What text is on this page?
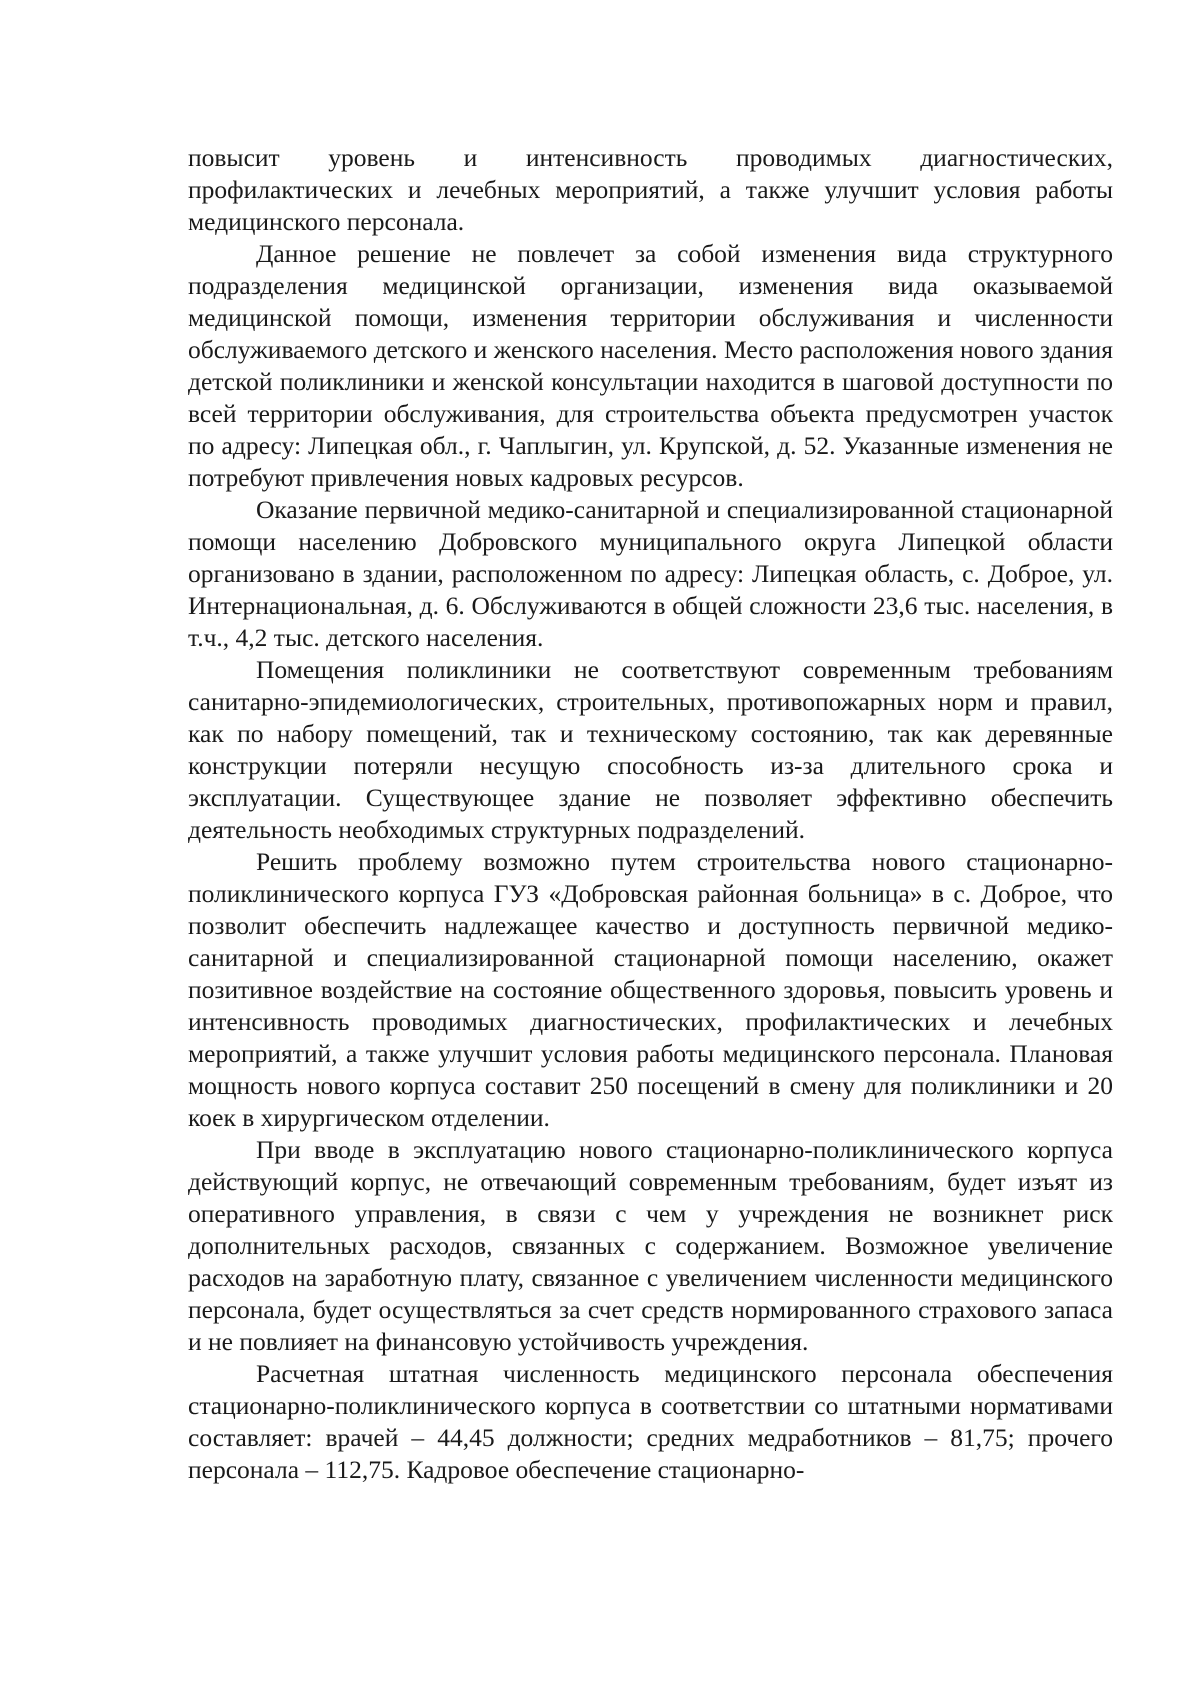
повысит уровень и интенсивность проводимых диагностических, профилактических и лечебных мероприятий, а также улучшит условия работы медицинского персонала.

Данное решение не повлечет за собой изменения вида структурного подразделения медицинской организации, изменения вида оказываемой медицинской помощи, изменения территории обслуживания и численности обслуживаемого детского и женского населения. Место расположения нового здания детской поликлиники и женской консультации находится в шаговой доступности по всей территории обслуживания, для строительства объекта предусмотрен участок по адресу: Липецкая обл., г. Чаплыгин, ул. Крупской, д. 52. Указанные изменения не потребуют привлечения новых кадровых ресурсов.

Оказание первичной медико-санитарной и специализированной стационарной помощи населению Добровского муниципального округа Липецкой области организовано в здании, расположенном по адресу: Липецкая область, с. Доброе, ул. Интернациональная, д. 6. Обслуживаются в общей сложности 23,6 тыс. населения, в т.ч., 4,2 тыс. детского населения.

Помещения поликлиники не соответствуют современным требованиям санитарно-эпидемиологических, строительных, противопожарных норм и правил, как по набору помещений, так и техническому состоянию, так как деревянные конструкции потеряли несущую способность из-за длительного срока и эксплуатации. Существующее здание не позволяет эффективно обеспечить деятельность необходимых структурных подразделений.

Решить проблему возможно путем строительства нового стационарно-поликлинического корпуса ГУЗ «Добровская районная больница» в с. Доброе, что позволит обеспечить надлежащее качество и доступность первичной медико-санитарной и специализированной стационарной помощи населению, окажет позитивное воздействие на состояние общественного здоровья, повысить уровень и интенсивность проводимых диагностических, профилактических и лечебных мероприятий, а также улучшит условия работы медицинского персонала. Плановая мощность нового корпуса составит 250 посещений в смену для поликлиники и 20 коек в хирургическом отделении.

При вводе в эксплуатацию нового стационарно-поликлинического корпуса действующий корпус, не отвечающий современным требованиям, будет изъят из оперативного управления, в связи с чем у учреждения не возникнет риск дополнительных расходов, связанных с содержанием. Возможное увеличение расходов на заработную плату, связанное с увеличением численности медицинского персонала, будет осуществляться за счет средств нормированного страхового запаса и не повлияет на финансовую устойчивость учреждения.

Расчетная штатная численность медицинского персонала обеспечения стационарно-поликлинического корпуса в соответствии со штатными нормативами составляет: врачей – 44,45 должности; средних медработников – 81,75; прочего персонала – 112,75. Кадровое обеспечение стационарно-
